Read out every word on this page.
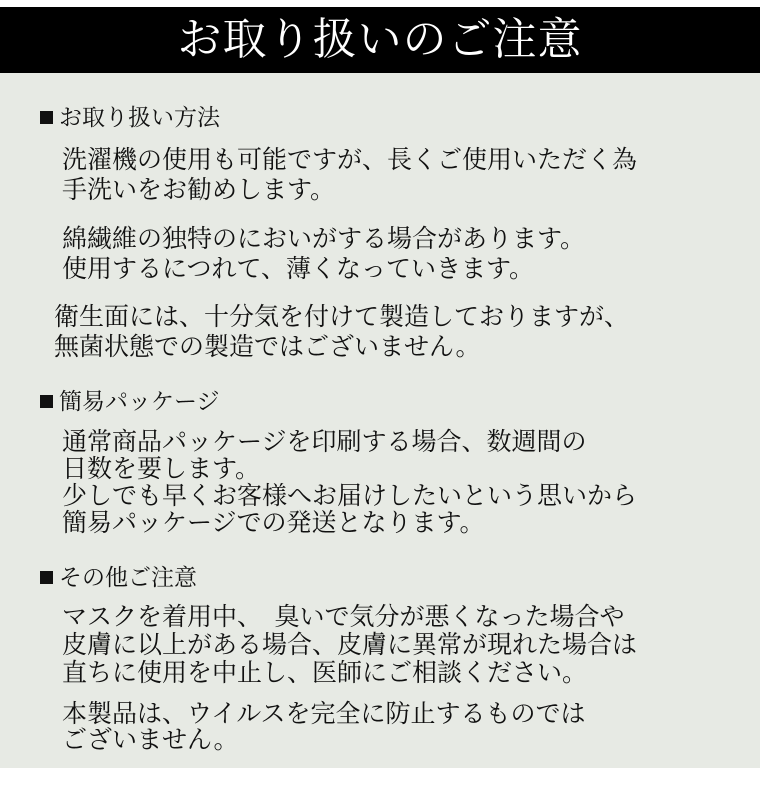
お取り扱いのご注意
お取り扱い方法
洗濯機の使用も可能ですが、長くご使用いただく為
手洗いをお勧めします。
綿繊維の独特のにおいがする場合があります。
使用するにつれて、薄くなっていきます。
衛生面には、十分気を付けて製造しておりますが、
無菌状態での製造ではございません。
簡易パッケージ
通常商品パッケージを印刷する場合、数週間の
日数を要します。
少しでも早くお客様へお届けしたいという思いから
簡易パッケージでの発送となります。
その他ご注意
マスクを着用中、　臭いで気分が悪くなった場合や
皮膚に以上がある場合、皮膚に異常が現れた場合は
直ちに使用を中止し、医師にご相談ください。
本製品は、ウイルスを完全に防止するものでは
ございません。
